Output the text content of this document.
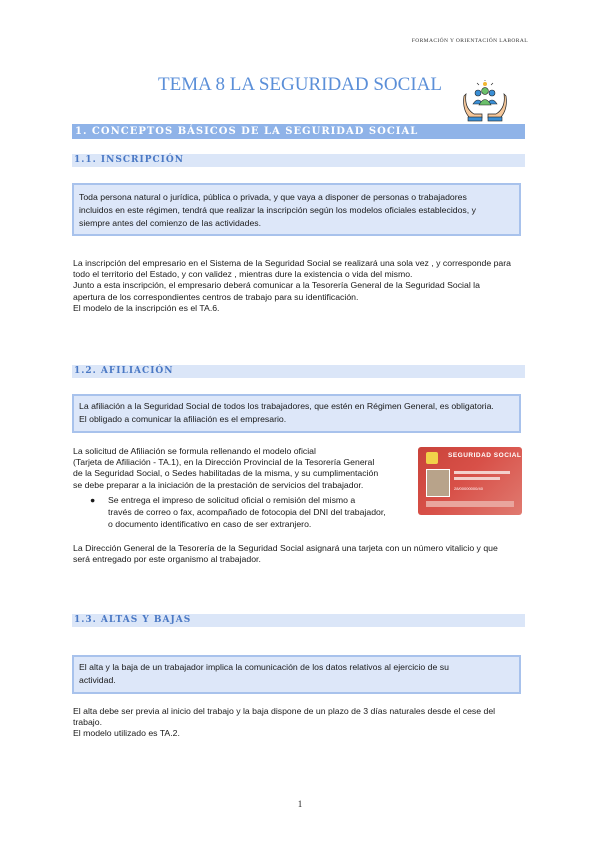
FORMACIÓN Y ORIENTACIÓN LABORAL
TEMA 8 LA SEGURIDAD SOCIAL
1. CONCEPTOS BÁSICOS DE LA SEGURIDAD SOCIAL
1.1. INSCRIPCIÓN
Toda persona natural o jurídica, pública o privada, y que vaya a disponer de personas o trabajadores
incluidos en este régimen, tendrá que realizar la inscripción según los modelos oficiales establecidos, y
siempre antes del comienzo de las actividades.
La inscripción del empresario en el Sistema de la Seguridad Social se realizará una sola vez , y corresponde para
todo el territorio del Estado, y con validez , mientras dure la existencia o vida del mismo.
Junto a esta inscripción, el empresario deberá comunicar a la Tesorería General de la Seguridad Social la
apertura de los correspondientes centros de trabajo para su identificación.
El modelo de la inscripción es el TA.6.
1.2. AFILIACIÓN
La afiliación a la Seguridad Social de todos los trabajadores, que estén en Régimen General, es obligatoria.
El obligado a comunicar la afiliación es el empresario.
La solicitud de Afiliación se formula rellenando el modelo oficial
(Tarjeta de Afiliación - TA.1), en la Dirección Provincial de la Tesorería General
de la Seguridad Social, o Sedes habilitadas de la misma, y su cumplimentación
se debe preparar a la iniciación de la prestación de servicios del trabajador.
● Se entrega el impreso de solicitud oficial o remisión del mismo a
través de correo o fax, acompañado de fotocopia del DNI del trabajador,
o documento identificativo en caso de ser extranjero.
SEGURIDAD SOCIAL
28/00000000/40
La Dirección General de la Tesorería de la Seguridad Social asignará una tarjeta con un número vitalicio y que
será entregado por este organismo al trabajador.
1.3. ALTAS Y BAJAS
El alta y la baja de un trabajador implica la comunicación de los datos relativos al ejercicio de su
actividad.
El alta debe ser previa al inicio del trabajo y la baja dispone de un plazo de 3 días naturales desde el cese del
trabajo.
El modelo utilizado es TA.2.
1
